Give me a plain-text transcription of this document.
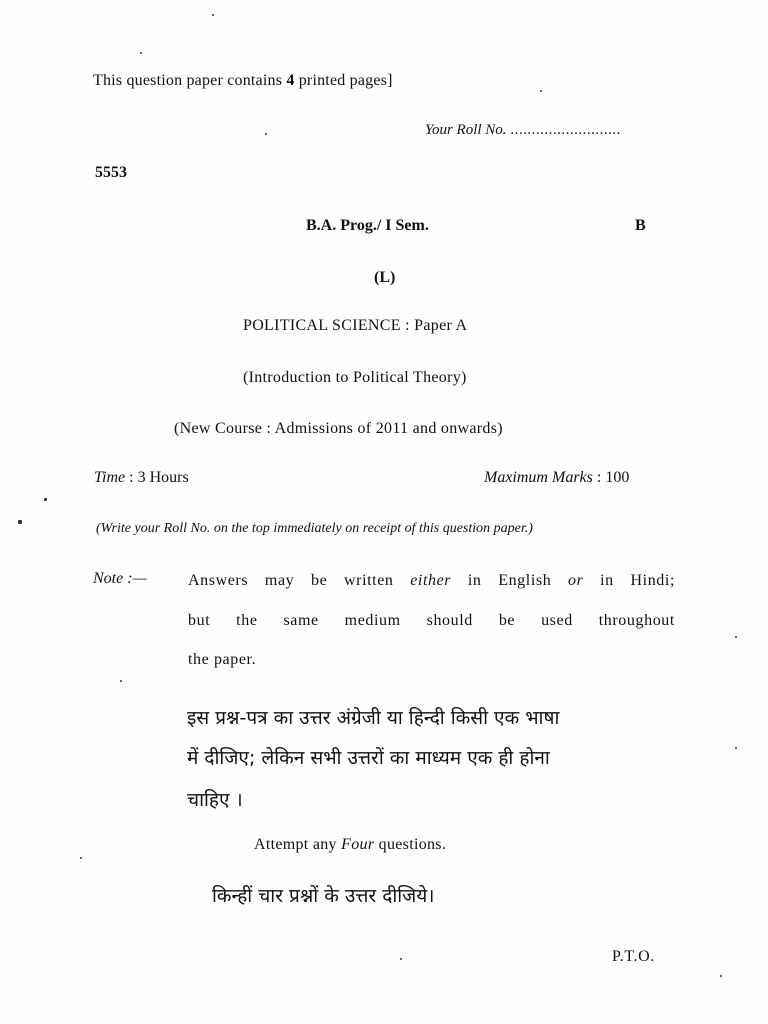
This question paper contains 4 printed pages]
Your Roll No. ..........................
5553
B.A. Prog./ I Sem.	B
(L)
POLITICAL SCIENCE : Paper A
(Introduction to Political Theory)
(New Course : Admissions of 2011 and onwards)
Time : 3 Hours	Maximum Marks : 100
(Write your Roll No. on the top immediately on receipt of this question paper.)
Note :—	Answers may be written either in English or in Hindi;
but the same medium should be used throughout
the paper.
इस प्रश्न-पत्र का उत्तर अंग्रेजी या हिन्दी किसी एक भाषा
में दीजिए; लेकिन सभी उत्तरों का माध्यम एक ही होना
चाहिए ।
Attempt any Four questions.
किन्हीं चार प्रश्नों के उत्तर दीजिये।
P.T.O.
